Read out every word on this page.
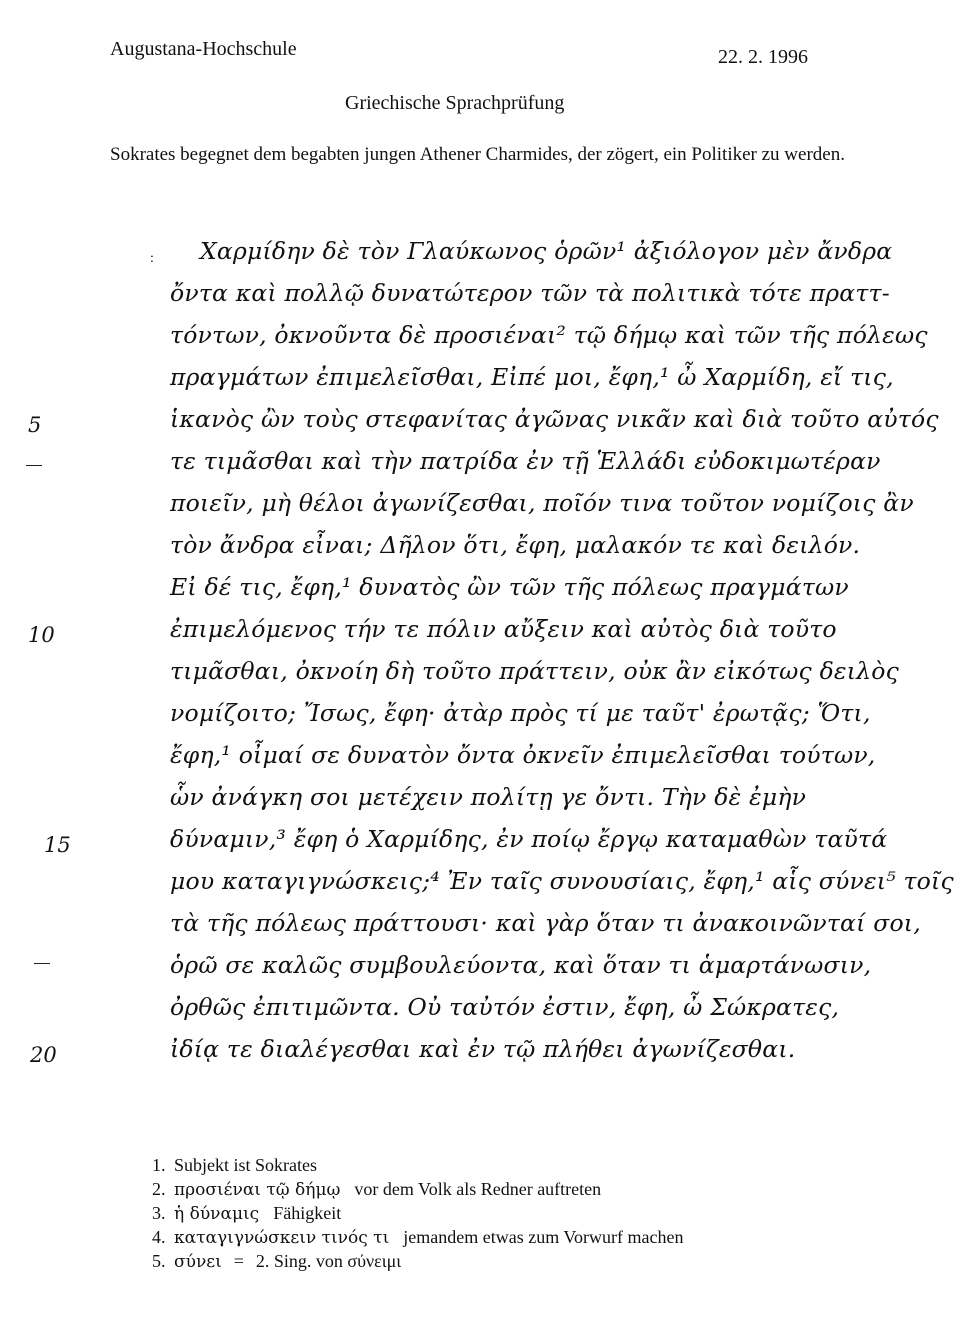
Augustana-Hochschule	22. 2. 1996
Griechische Sprachprüfung
Sokrates begegnet dem begabten jungen Athener Charmides, der zögert, ein Politiker zu werden.
: Χαρμίδην δὲ τὸν Γλαύκωνος ὁρῶν¹ ἀξιόλογον μὲν ἄνδρα
ὄντα καὶ πολλῷ δυνατώτερον τῶν τὰ πολιτικὰ τότε πραττ-
τόντων, ὀκνοῦντα δὲ προσιέναι² τῷ δήμῳ καὶ τῶν τῆς πόλεως
πραγμάτων ἐπιμελεῖσθαι, Εἰπέ μοι, ἔφη,¹ ὦ Χαρμίδη, εἴ τις,
ἱκανὸς ὢν τοὺς στεφανίτας ἀγῶνας νικᾶν καὶ διὰ τοῦτο αὐτός
τε τιμᾶσθαι καὶ τὴν πατρίδα ἐν τῇ Ἑλλάδι εὐδοκιμωτέραν
ποιεῖν, μὴ θέλοι ἀγωνίζεσθαι, ποῖόν τινα τοῦτον νομίζοις ἂν
τὸν ἄνδρα εἶναι; Δῆλον ὅτι, ἔφη, μαλακόν τε καὶ δειλόν.
Εἰ δέ τις, ἔφη,¹ δυνατὸς ὢν τῶν τῆς πόλεως πραγμάτων
ἐπιμελόμενος τήν τε πόλιν αὔξειν καὶ αὐτὸς διὰ τοῦτο
τιμᾶσθαι, ὀκνοίη δὴ τοῦτο πράττειν, οὐκ ἂν εἰκότως δειλὸς
νομίζοιτο; Ἴσως, ἔφη· ἀτὰρ πρὸς τί με ταῦτ' ἐρωτᾷς; Ὅτι,
ἔφη,¹ οἶμαί σε δυνατὸν ὄντα ὀκνεῖν ἐπιμελεῖσθαι τούτων,
ὧν ἀνάγκη σοι μετέχειν πολίτῃ γε ὄντι. Τὴν δὲ ἐμὴν
δύναμιν,³ ἔφη ὁ Χαρμίδης, ἐν ποίῳ ἔργῳ καταμαθὼν ταῦτά
μου καταγιγνώσκεις;⁴ Ἐν ταῖς συνουσίαις, ἔφη,¹ αἷς σύνει⁵ τοῖς
τὰ τῆς πόλεως πράττουσι· καὶ γὰρ ὅταν τι ἀνακοινῶνταί σοι,
5
10
ὁρῶ σε καλῶς συμβουλεύοντα, καὶ ὅταν τι ἁμαρτάνωσιν,
ὀρθῶς ἐπιτιμῶντα. Οὐ ταὐτόν ἐστιν, ἔφη, ὦ Σώκρατες,
ἰδίᾳ τε διαλέγεσθαι καὶ ἐν τῷ πλήθει ἀγωνίζεσθαι.
15
20
1. Subjekt ist Sokrates
2. προσιέναι τῷ δήμῳ vor dem Volk als Redner auftreten
3. ἡ δύναμις Fähigkeit
4. καταγιγνώσκειν τινός τι jemandem etwas zum Vorwurf machen
5. σύνει = 2. Sing. von σύνειμι
